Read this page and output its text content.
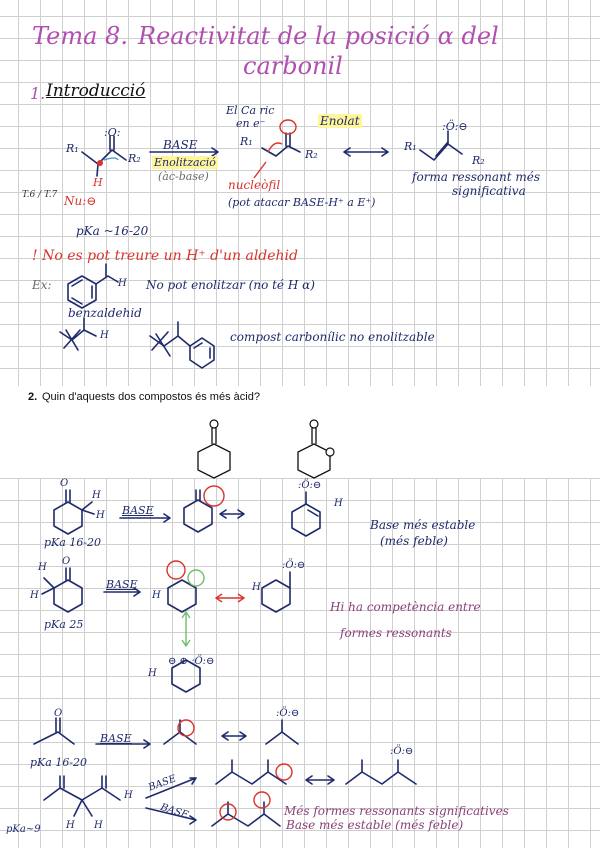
Tema 8. Reactivitat de la posició α del
carbonil
1. Introducció
El Ca ric
en e⁻	Enolat
R₁
R₂
:O:
H
BASE
Enolització
(àc-base)
R₁
R₂
nucleòfil
(pot atacar BASE-H⁺ a E⁺)
R₁
R₂
:Ö:⊖
forma ressonant més
significativa
T.6 / T.7 Nu:⊖
pKa ~16-20
! No es pot treure un H⁺ d'un aldehid
Ex:	H No pot enolitzar (no té H α)
benzaldehid
H	compost carbonílic no enolitzable
2. Quin d'aquests dos compostos és més àcid?
O
H
H BASE
pKa 16-20
:Ö:⊖
H
Base més estable
(més feble)
H
H
O
BASE
pKa 25
H
H
:Ö:⊖
Hi ha competència entre
formes ressonants
H
⊖ ⊕ :Ö:⊖
O
BASE
pKa 16-20
:Ö:⊖
H H
H
BASE
BASE
pKa~9
:Ö:⊖
Més formes ressonants significatives
Base més estable (més feble)
